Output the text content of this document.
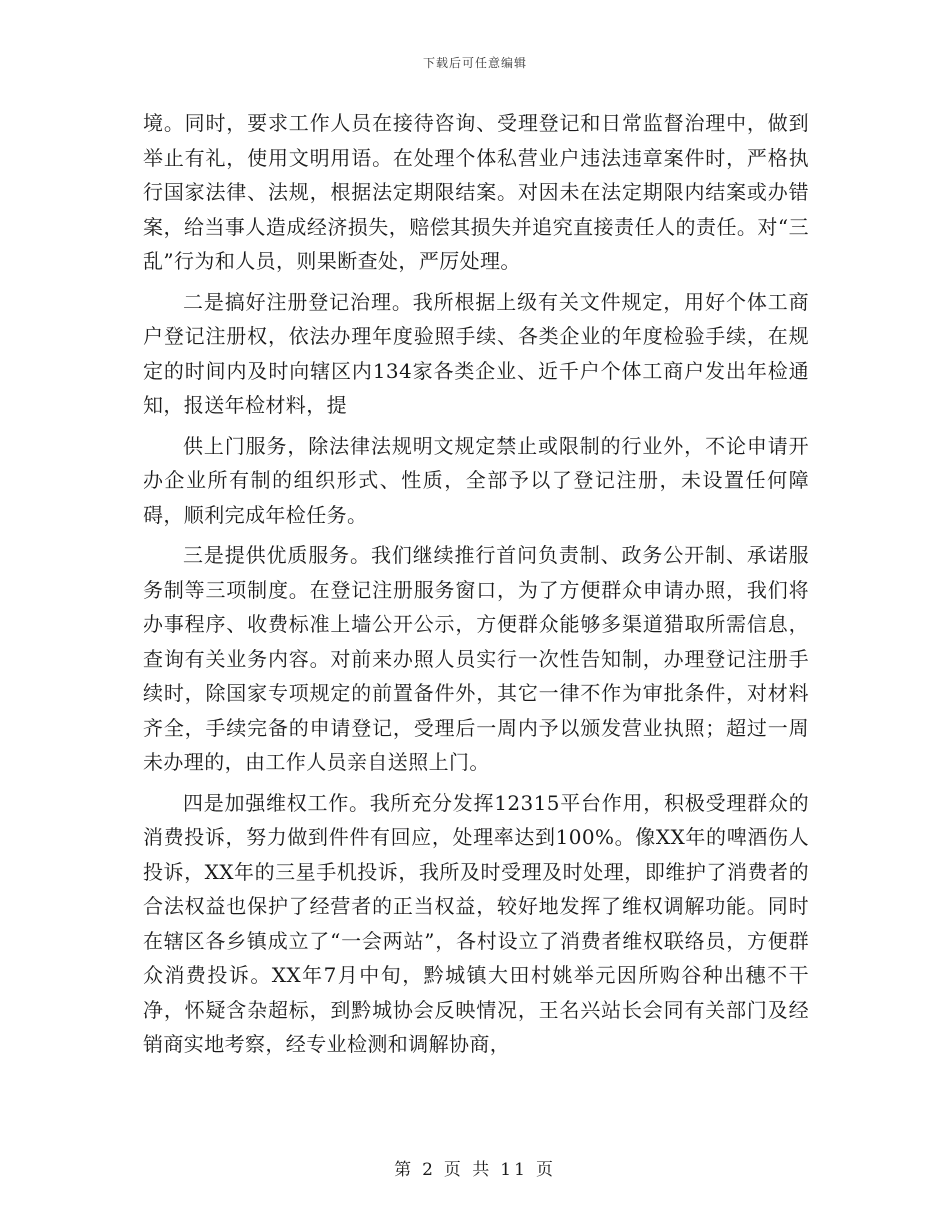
下载后可任意编辑

境。同时，要求工作人员在接待咨询、受理登记和日常监督治理中，做到举止有礼，使用文明用语。在处理个体私营业户违法违章案件时，严格执行国家法律、法规，根据法定期限结案。对因未在法定期限内结案或办错案，给当事人造成经济损失，赔偿其损失并追究直接责任人的责任。对“三乱”行为和人员，则果断查处，严厉处理。

二是搞好注册登记治理。我所根据上级有关文件规定，用好个体工商户登记注册权，依法办理年度验照手续、各类企业的年度检验手续，在规定的时间内及时向辖区内134家各类企业、近千户个体工商户发出年检通知，报送年检材料，提

供上门服务，除法律法规明文规定禁止或限制的行业外，不论申请开办企业所有制的组织形式、性质，全部予以了登记注册，未设置任何障碍，顺利完成年检任务。

三是提供优质服务。我们继续推行首问负责制、政务公开制、承诺服务制等三项制度。在登记注册服务窗口，为了方便群众申请办照，我们将办事程序、收费标准上墙公开公示，方便群众能够多渠道猎取所需信息，查询有关业务内容。对前来办照人员实行一次性告知制，办理登记注册手续时，除国家专项规定的前置备件外，其它一律不作为审批条件，对材料齐全，手续完备的申请登记，受理后一周内予以颁发营业执照；超过一周未办理的，由工作人员亲自送照上门。

四是加强维权工作。我所充分发挥12315平台作用，积极受理群众的消费投诉，努力做到件件有回应，处理率达到100%。像XX年的啤酒伤人投诉，XX年的三星手机投诉，我所及时受理及时处理，即维护了消费者的合法权益也保护了经营者的正当权益，较好地发挥了维权调解功能。同时在辖区各乡镇成立了“一会两站”，各村设立了消费者维权联络员，方便群众消费投诉。XX年7月中旬，黔城镇大田村姚举元因所购谷种出穗不干净，怀疑含杂超标，到黔城协会反映情况，王名兴站长会同有关部门及经销商实地考察，经专业检测和调解协商，

第 2 页 共 11 页
